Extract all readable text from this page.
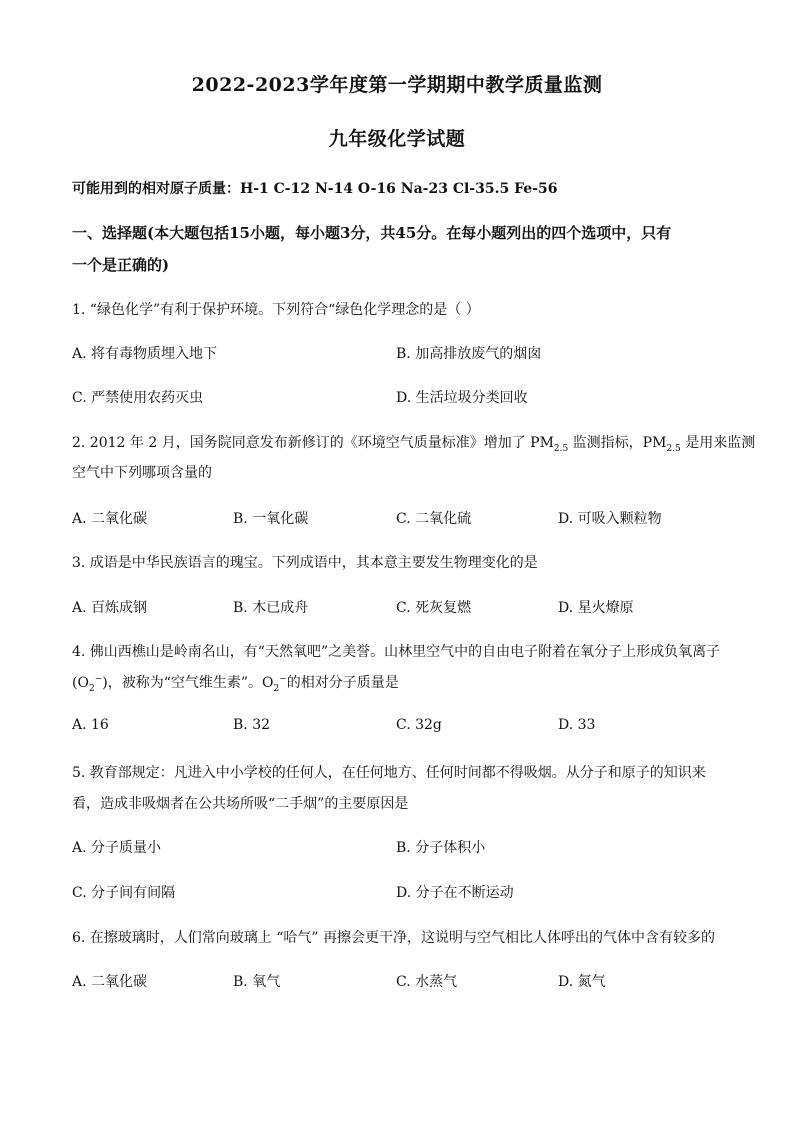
2022-2023学年度第一学期期中教学质量监测
九年级化学试题
可能用到的相对原子质量：H-1 C-12 N-14 O-16 Na-23 Cl-35.5 Fe-56
一、选择题(本大题包括15小题，每小题3分，共45分。在每小题列出的四个选项中，只有
一个是正确的)
1. “绿色化学”有利于保护环境。下列符合“绿色化学理念的是（ ）
A. 将有毒物质埋入地下	B. 加高排放废气的烟囱
C. 严禁使用农药灭虫	D. 生活垃圾分类回收
2. 2012 年 2 月，国务院同意发布新修订的《环境空气质量标准》增加了 $PM_{2.5}$ 监测指标，$PM_{2.5}$ 是用来监测
空气中下列哪项含量的
A. 二氧化碳	B. 一氧化碳	C. 二氧化硫	D. 可吸入颗粒物
3. 成语是中华民族语言的瑰宝。下列成语中，其本意主要发生物理变化的是
A. 百炼成钢	B. 木已成舟	C. 死灰复燃	D. 星火燎原
4. 佛山西樵山是岭南名山，有“天然氧吧”之美誉。山林里空气中的自由电子附着在氧分子上形成负氧离子
$(O_2^-)$，被称为“空气维生素”。$O_2^-$的相对分子质量是
A. 16	B. 32	C. 32g	D. 33
5. 教育部规定：凡进入中小学校的任何人，在任何地方、任何时间都不得吸烟。从分子和原子的知识来
看，造成非吸烟者在公共场所吸“二手烟”的主要原因是
A. 分子质量小	B. 分子体积小
C. 分子间有间隔	D. 分子在不断运动
6. 在擦玻璃时，人们常向玻璃上 “哈气” 再擦会更干净，这说明与空气相比人体呼出的气体中含有较多的
A. 二氧化碳	B. 氧气	C. 水蒸气	D. 氮气
